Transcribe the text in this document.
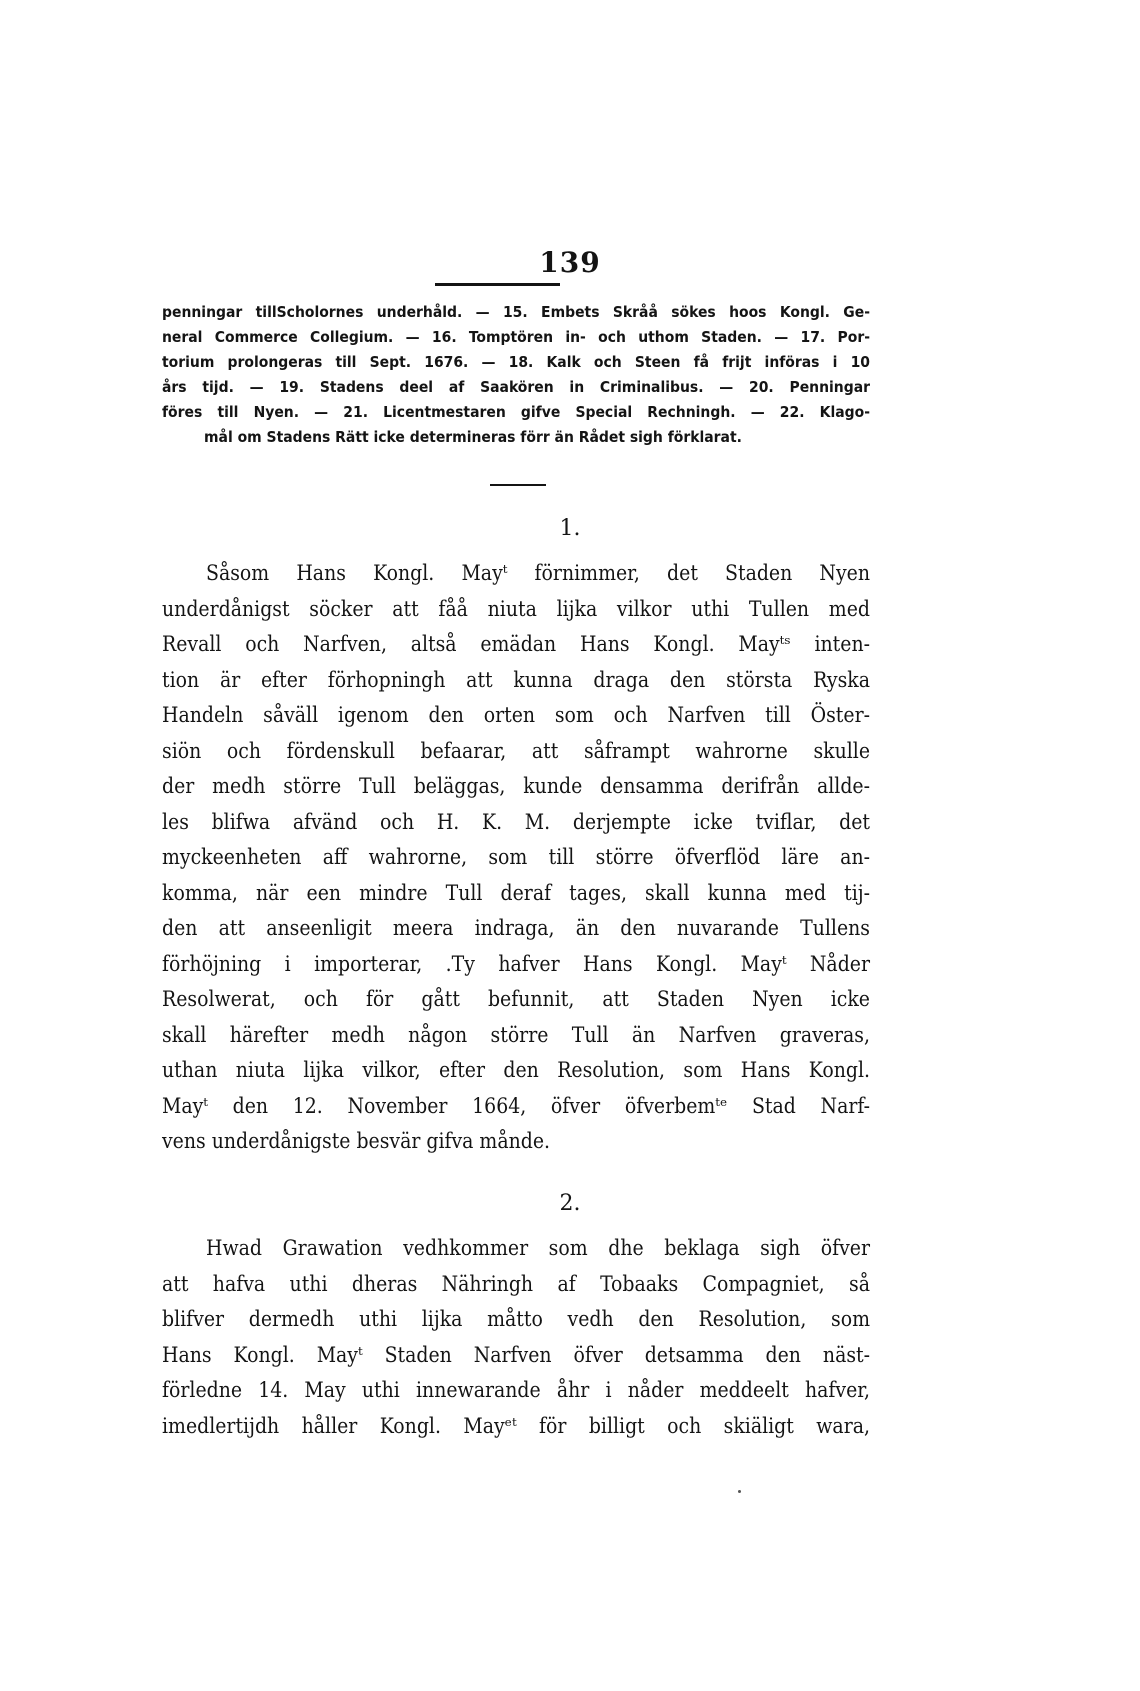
139
penningar tillScholornes underhåld. — 15. Embets Skråå sökes hoos Kongl. Ge-
neral Commerce Collegium. — 16. Tomptören in- och uthom Staden. — 17. Por-
torium prolongeras till Sept. 1676. — 18. Kalk och Steen få frijt införas i 10
års tijd. — 19. Stadens deel af Saakören in Criminalibus. — 20. Penningar
föres till Nyen. — 21. Licentmestaren gifve Special Rechningh. — 22. Klago-
mål om Stadens Rätt icke determineras förr än Rådet sigh förklarat.
1.
Såsom Hans Kongl. Mayᵗ förnimmer, det Staden Nyen
underdånigst söcker att fåå niuta lijka vilkor uthi Tullen med
Revall och Narfven, altså emädan Hans Kongl. Mayᵗˢ inten-
tion är efter förhopningh att kunna draga den största Ryska
Handeln såväll igenom den orten som och Narfven till Öster-
siön och fördenskull befaarar, att såframpt wahrorne skulle
der medh större Tull beläggas, kunde densamma derifrån allde-
les blifwa afvänd och H. K. M. derjempte icke tviflar, det
myckeenheten aff wahrorne, som till större öfverflöd läre an-
komma, när een mindre Tull deraf tages, skall kunna med tij-
den att anseenligit meera indraga, än den nuvarande Tullens
förhöjning i importerar, .Ty hafver Hans Kongl. Mayᵗ Nåder
Resolwerat, och för gått befunnit, att Staden Nyen icke
skall härefter medh någon större Tull än Narfven graveras,
uthan niuta lijka vilkor, efter den Resolution, som Hans Kongl.
Mayᵗ den 12. November 1664, öfver öfverbemᵗᵉ Stad Narf-
vens underdånigste besvär gifva månde.
2.
Hwad Grawation vedhkommer som dhe beklaga sigh öfver
att hafva uthi dheras Nähringh af Tobaaks Compagniet, så
blifver dermedh uthi lijka måtto vedh den Resolution, som
Hans Kongl. Mayᵗ Staden Narfven öfver detsamma den näst-
förledne 14. May uthi innewarande åhr i nåder meddeelt hafver,
imedlertijdh håller Kongl. Mayᵉᵗ för billigt och skiäligt wara,
